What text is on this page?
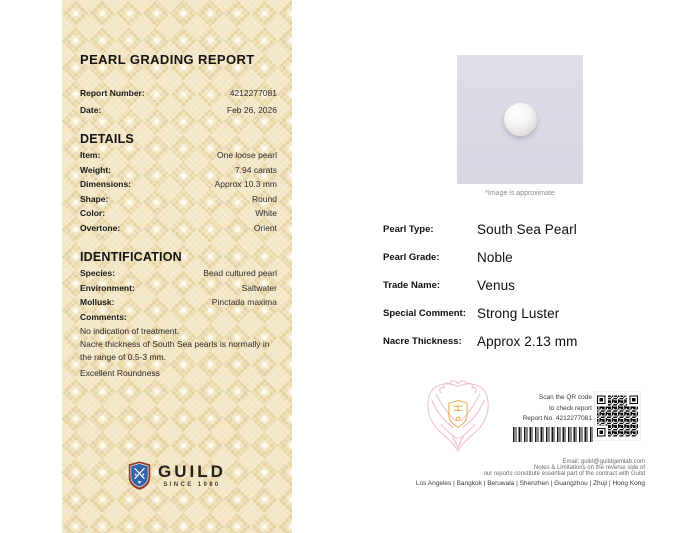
PEARL GRADING REPORT
Report Number:	4212277081
Date:	Feb 26, 2026
DETAILS
Item:	One loose pearl
Weight:	7.94 carats
Dimensions:	Approx 10.3 mm
Shape:	Round
Color:	White
Overtone:	Orient
IDENTIFICATION
Species:	Bead cultured pearl
Environment:	Saltwater
Mollusk:	Pinctada maxima
Comments:
No indication of treatment.
Nacre thickness of South Sea pearls is normally in the range of 0.5-3 mm.
Excellent Roundness
GUILD
SINCE 1980
*Image is approximate
Pearl Type:	South Sea Pearl
Pearl Grade:	Noble
Trade Name:	Venus
Special Comment: Strong Luster
Nacre Thickness:	Approx 2.13 mm
Scan the QR code
to check report
Report No. 4212277081
Email: guild@guildgemlab.com
Notes & Limitations on the reverse side of
our reports constitute essential part of the contract with Guild
Los Angeles | Bangkok | Beruwala | Shenzhen | Guangzhou | Zhuji | Hong Kong
